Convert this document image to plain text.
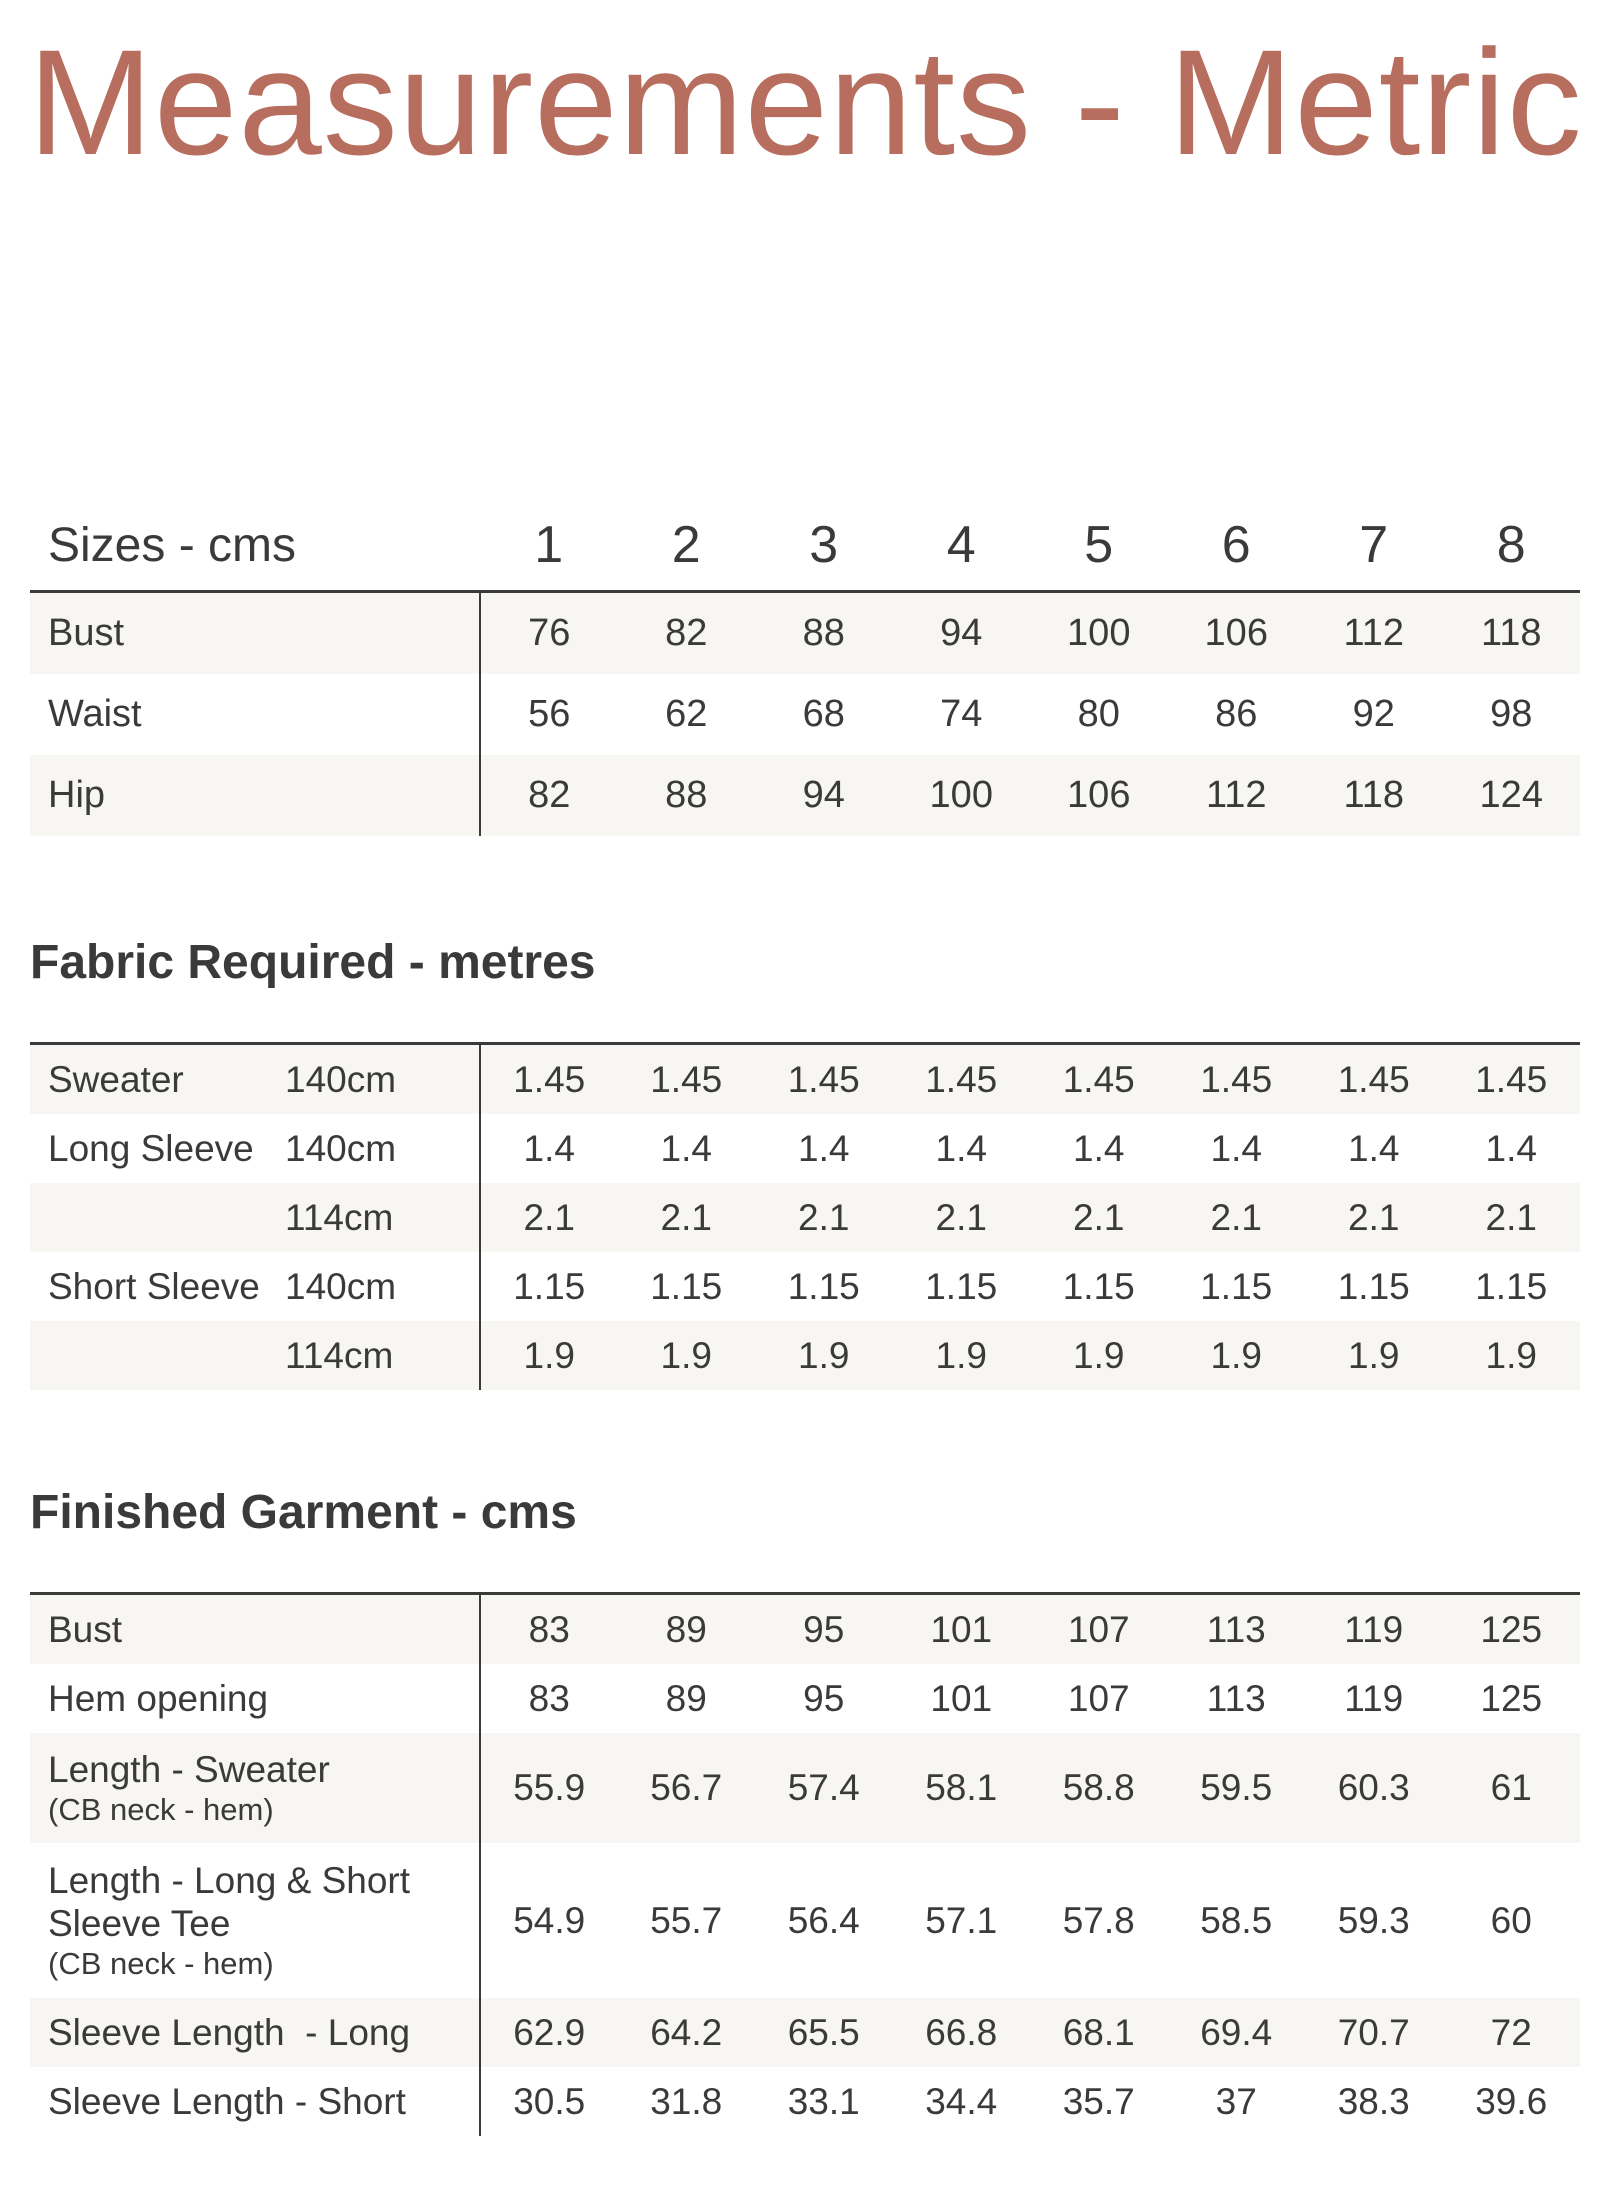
Measurements - Metric
Sizes - cms	1	2	3	4	5	6	7	8
Bust	76	82	88	94	100	106	112	118
Waist	56	62	68	74	80	86	92	98
Hip	82	88	94	100	106	112	118	124
Fabric Required - metres
Sweater	140cm	1.45	1.45	1.45	1.45	1.45	1.45	1.45	1.45
Long Sleeve	140cm	1.4	1.4	1.4	1.4	1.4	1.4	1.4	1.4
	114cm	2.1	2.1	2.1	2.1	2.1	2.1	2.1	2.1
Short Sleeve	140cm	1.15	1.15	1.15	1.15	1.15	1.15	1.15	1.15
	114cm	1.9	1.9	1.9	1.9	1.9	1.9	1.9	1.9
Finished Garment - cms
Bust	83	89	95	101	107	113	119	125
Hem opening	83	89	95	101	107	113	119	125
Length - Sweater
(CB neck - hem)	55.9	56.7	57.4	58.1	58.8	59.5	60.3	61

Length - Long & Short Sleeve Tee
(CB neck - hem)	54.9	55.7	56.4	57.1	57.8	58.5	59.3	60
Sleeve Length  - Long	62.9	64.2	65.5	66.8	68.1	69.4	70.7	72
Sleeve Length - Short	30.5	31.8	33.1	34.4	35.7	37	38.3	39.6
